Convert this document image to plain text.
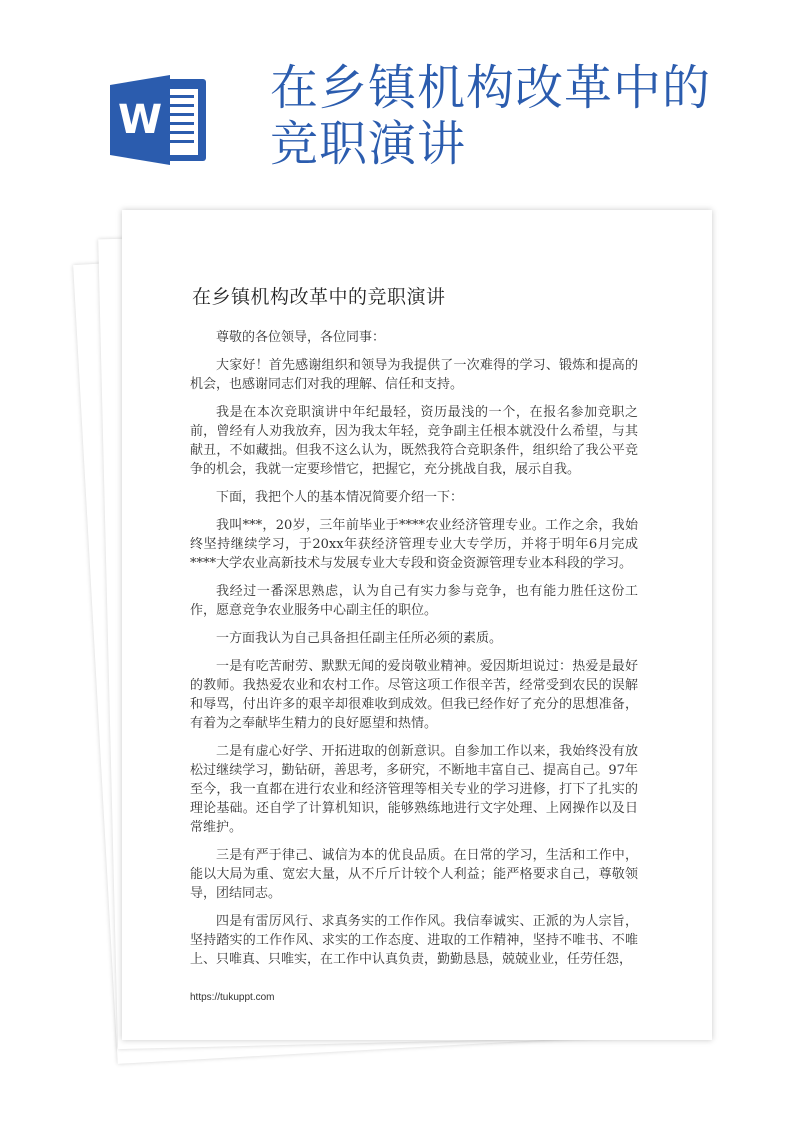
W
在乡镇机构改革中的竞职演讲
在乡镇机构改革中的竞职演讲

尊敬的各位领导，各位同事：

大家好！首先感谢组织和领导为我提供了一次难得的学习、锻炼和提高的机会，也感谢同志们对我的理解、信任和支持。

我是在本次竞职演讲中年纪最轻，资历最浅的一个，在报名参加竞职之前，曾经有人劝我放弃，因为我太年轻，竞争副主任根本就没什么希望，与其献丑，不如藏拙。但我不这么认为，既然我符合竞职条件，组织给了我公平竞争的机会，我就一定要珍惜它，把握它，充分挑战自我，展示自我。

下面，我把个人的基本情况简要介绍一下：

我叫***，20岁，三年前毕业于****农业经济管理专业。工作之余，我始终坚持继续学习，于20xx年获经济管理专业大专学历，并将于明年6月完成****大学农业高新技术与发展专业大专段和资金资源管理专业本科段的学习。

我经过一番深思熟虑，认为自己有实力参与竞争，也有能力胜任这份工作，愿意竞争农业服务中心副主任的职位。

一方面我认为自己具备担任副主任所必须的素质。

一是有吃苦耐劳、默默无闻的爱岗敬业精神。爱因斯坦说过：热爱是最好的教师。我热爱农业和农村工作。尽管这项工作很辛苦，经常受到农民的误解和辱骂，付出许多的艰辛却很难收到成效。但我已经作好了充分的思想准备，有着为之奉献毕生精力的良好愿望和热情。

二是有虚心好学、开拓进取的创新意识。自参加工作以来，我始终没有放松过继续学习，勤钻研，善思考，多研究，不断地丰富自己、提高自己。97年至今，我一直都在进行农业和经济管理等相关专业的学习进修，打下了扎实的理论基础。还自学了计算机知识，能够熟练地进行文字处理、上网操作以及日常维护。

三是有严于律己、诚信为本的优良品质。在日常的学习，生活和工作中，能以大局为重、宽宏大量，从不斤斤计较个人利益；能严格要求自己，尊敬领导，团结同志。

四是有雷厉风行、求真务实的工作作风。我信奉诚实、正派的为人宗旨，坚持踏实的工作作风、求实的工作态度、进取的工作精神，坚持不唯书、不唯上、只唯真、只唯实，在工作中认真负责，勤勤恳恳，兢兢业业，任劳任怨，

https://tukuppt.com
